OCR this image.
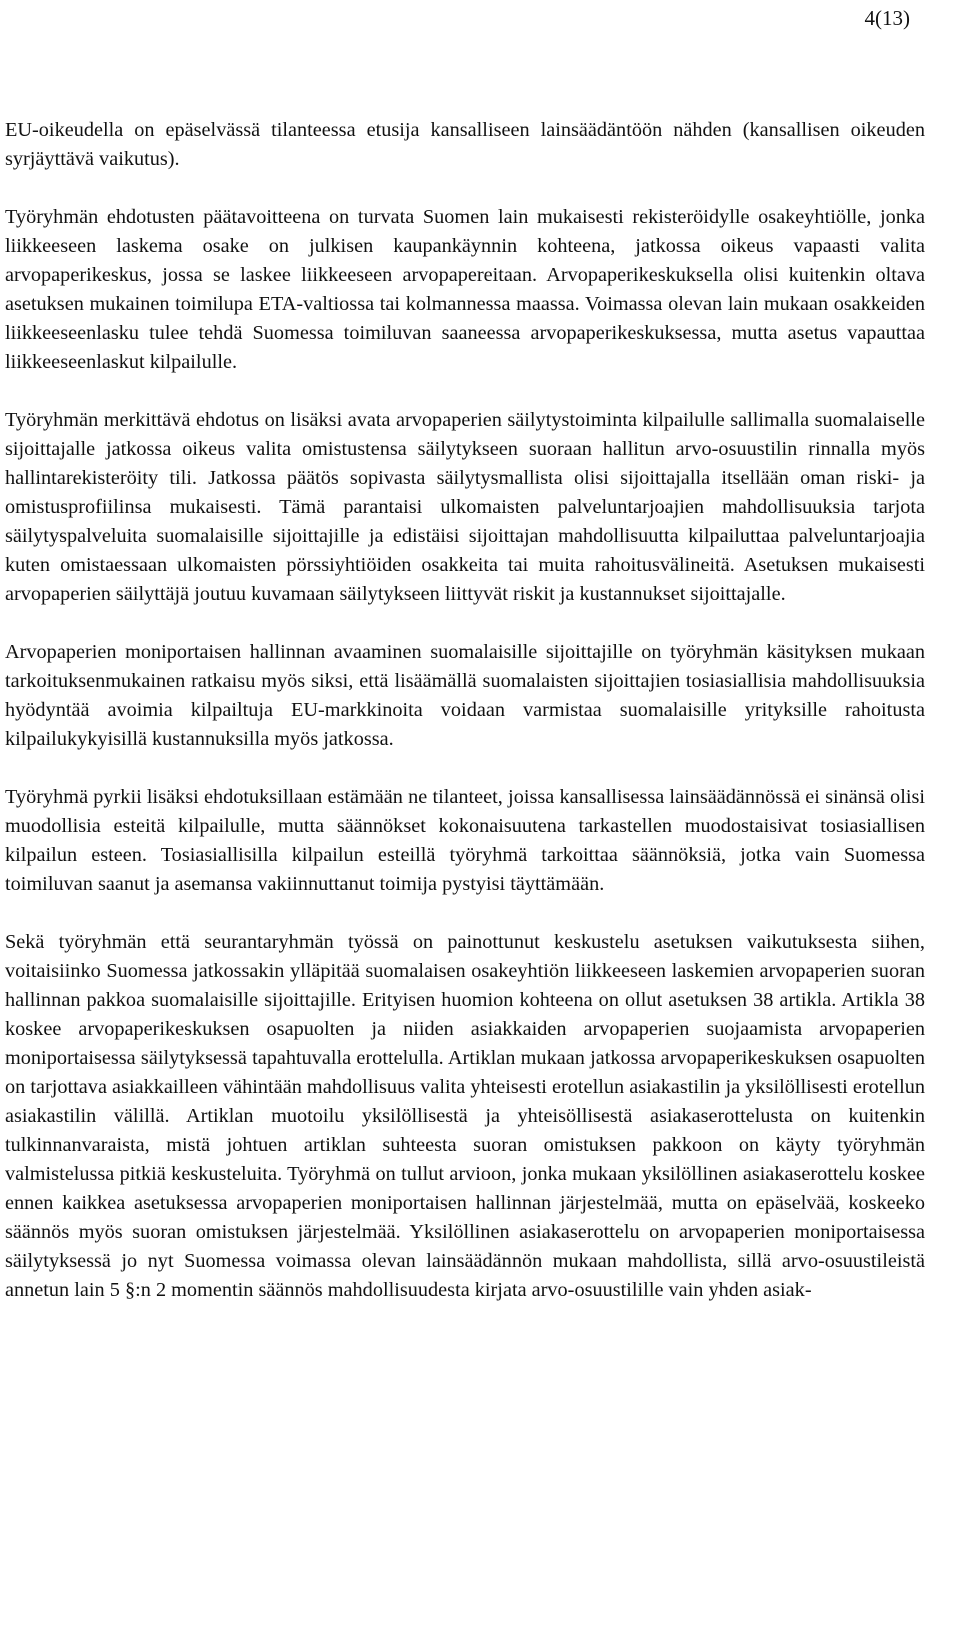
4(13)

EU-oikeudella on epäselvässä tilanteessa etusija kansalliseen lainsäädäntöön nähden (kansallisen oikeuden syrjäyttävä vaikutus).

Työryhmän ehdotusten päätavoitteena on turvata Suomen lain mukaisesti rekisteröidylle osakeyhtiölle, jonka liikkeeseen laskema osake on julkisen kaupankäynnin kohteena, jatkossa oikeus vapaasti valita arvopaperikeskus, jossa se laskee liikkeeseen arvopapereitaan. Arvopaperikeskuksella olisi kuitenkin oltava asetuksen mukainen toimilupa ETA-valtiossa tai kolmannessa maassa. Voimassa olevan lain mukaan osakkeiden liikkeeseenlasku tulee tehdä Suomessa toimiluvan saaneessa arvopaperikeskuksessa, mutta asetus vapauttaa liikkeeseenlaskut kilpailulle.

Työryhmän merkittävä ehdotus on lisäksi avata arvopaperien säilytystoiminta kilpailulle sallimalla suomalaiselle sijoittajalle jatkossa oikeus valita omistustensa säilytykseen suoraan hallitun arvo-osuustilin rinnalla myös hallintarekisteröity tili. Jatkossa päätös sopivasta säilytysmallista olisi sijoittajalla itsellään oman riski- ja omistusprofiilinsa mukaisesti. Tämä parantaisi ulkomaisten palveluntarjoajien mahdollisuuksia tarjota säilytyspalveluita suomalaisille sijoittajille ja edistäisi sijoittajan mahdollisuutta kilpailuttaa palveluntarjoajia kuten omistaessaan ulkomaisten pörssiyhtiöiden osakkeita tai muita rahoitusvälineitä. Asetuksen mukaisesti arvopaperien säilyttäjä joutuu kuvamaan säilytykseen liittyvät riskit ja kustannukset sijoittajalle.

Arvopaperien moniportaisen hallinnan avaaminen suomalaisille sijoittajille on työryhmän käsityksen mukaan tarkoituksenmukainen ratkaisu myös siksi, että lisäämällä suomalaisten sijoittajien tosiasiallisia mahdollisuuksia hyödyntää avoimia kilpailtuja EU-markkinoita voidaan varmistaa suomalaisille yrityksille rahoitusta kilpailukykyisillä kustannuksilla myös jatkossa.

Työryhmä pyrkii lisäksi ehdotuksillaan estämään ne tilanteet, joissa kansallisessa lainsäädännössä ei sinänsä olisi muodollisia esteitä kilpailulle, mutta säännökset kokonaisuutena tarkastellen muodostaisivat tosiasiallisen kilpailun esteen. Tosiasiallisilla kilpailun esteillä työryhmä tarkoittaa säännöksiä, jotka vain Suomessa toimiluvan saanut ja asemansa vakiinnuttanut toimija pystyisi täyttämään.

Sekä työryhmän että seurantaryhmän työssä on painottunut keskustelu asetuksen vaikutuksesta siihen, voitaisiinko Suomessa jatkossakin ylläpitää suomalaisen osakeyhtiön liikkeeseen laskemien arvopaperien suoran hallinnan pakkoa suomalaisille sijoittajille. Erityisen huomion kohteena on ollut asetuksen 38 artikla. Artikla 38 koskee arvopaperikeskuksen osapuolten ja niiden asiakkaiden arvopaperien suojaamista arvopaperien moniportaisessa säilytyksessä tapahtuvalla erottelulla. Artiklan mukaan jatkossa arvopaperikeskuksen osapuolten on tarjottava asiakkailleen vähintään mahdollisuus valita yhteisesti erotellun asiakastilin ja yksilöllisesti erotellun asiakastilin välillä. Artiklan muotoilu yksilöllisestä ja yhteisöllisestä asiakaserottelusta on kuitenkin tulkinnanvaraista, mistä johtuen artiklan suhteesta suoran omistuksen pakkoon on käyty työryhmän valmistelussa pitkiä keskusteluita. Työryhmä on tullut arvioon, jonka mukaan yksilöllinen asiakaserottelu koskee ennen kaikkea asetuksessa arvopaperien moniportaisen hallinnan järjestelmää, mutta on epäselvää, koskeeko säännös myös suoran omistuksen järjestelmää. Yksilöllinen asiakaserottelu on arvopaperien moniportaisessa säilytyksessä jo nyt Suomessa voimassa olevan lainsäädännön mukaan mahdollista, sillä arvo-osuustileistä annetun lain 5 §:n 2 momentin säännös mahdollisuudesta kirjata arvo-osuustilille vain yhden asiak-
